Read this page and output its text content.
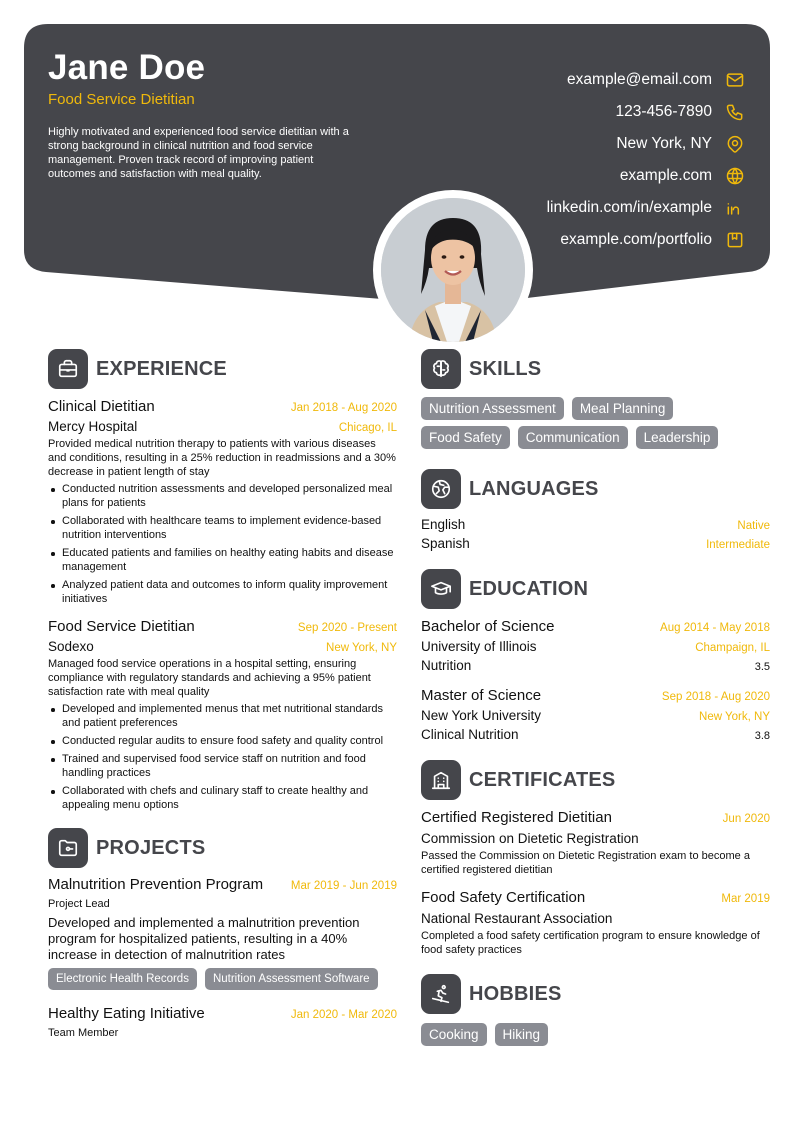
Jane Doe
Food Service Dietitian
Highly motivated and experienced food service dietitian with a strong background in clinical nutrition and food service management. Proven track record of improving patient outcomes and satisfaction with meal quality.
example@email.com
123-456-7890
New York, NY
example.com
linkedin.com/in/example
example.com/portfolio
EXPERIENCE
Clinical Dietitian	Jan 2018 - Aug 2020
Mercy Hospital	Chicago, IL
Provided medical nutrition therapy to patients with various diseases and conditions, resulting in a 25% reduction in readmissions and a 30% decrease in patient length of stay
Conducted nutrition assessments and developed personalized meal plans for patients
Collaborated with healthcare teams to implement evidence-based nutrition interventions
Educated patients and families on healthy eating habits and disease management
Analyzed patient data and outcomes to inform quality improvement initiatives
Food Service Dietitian	Sep 2020 - Present
Sodexo	New York, NY
Managed food service operations in a hospital setting, ensuring compliance with regulatory standards and achieving a 95% patient satisfaction rate with meal quality
Developed and implemented menus that met nutritional standards and patient preferences
Conducted regular audits to ensure food safety and quality control
Trained and supervised food service staff on nutrition and food handling practices
Collaborated with chefs and culinary staff to create healthy and appealing menu options
PROJECTS
Malnutrition Prevention Program Mar 2019 - Jun 2019
Project Lead
Developed and implemented a malnutrition prevention program for hospitalized patients, resulting in a 40% increase in detection of malnutrition rates
Electronic Health Records	Nutrition Assessment Software
Healthy Eating Initiative	Jan 2020 - Mar 2020
Team Member
SKILLS
Nutrition Assessment	Meal Planning
Food Safety	Communication	Leadership
LANGUAGES
English	Native
Spanish	Intermediate
EDUCATION
Bachelor of Science	Aug 2014 - May 2018
University of Illinois	Champaign, IL
Nutrition	3.5
Master of Science	Sep 2018 - Aug 2020
New York University	New York, NY
Clinical Nutrition	3.8
CERTIFICATES
Certified Registered Dietitian	Jun 2020
Commission on Dietetic Registration
Passed the Commission on Dietetic Registration exam to become a certified registered dietitian
Food Safety Certification	Mar 2019
National Restaurant Association
Completed a food safety certification program to ensure knowledge of food safety practices
HOBBIES
Cooking	Hiking
